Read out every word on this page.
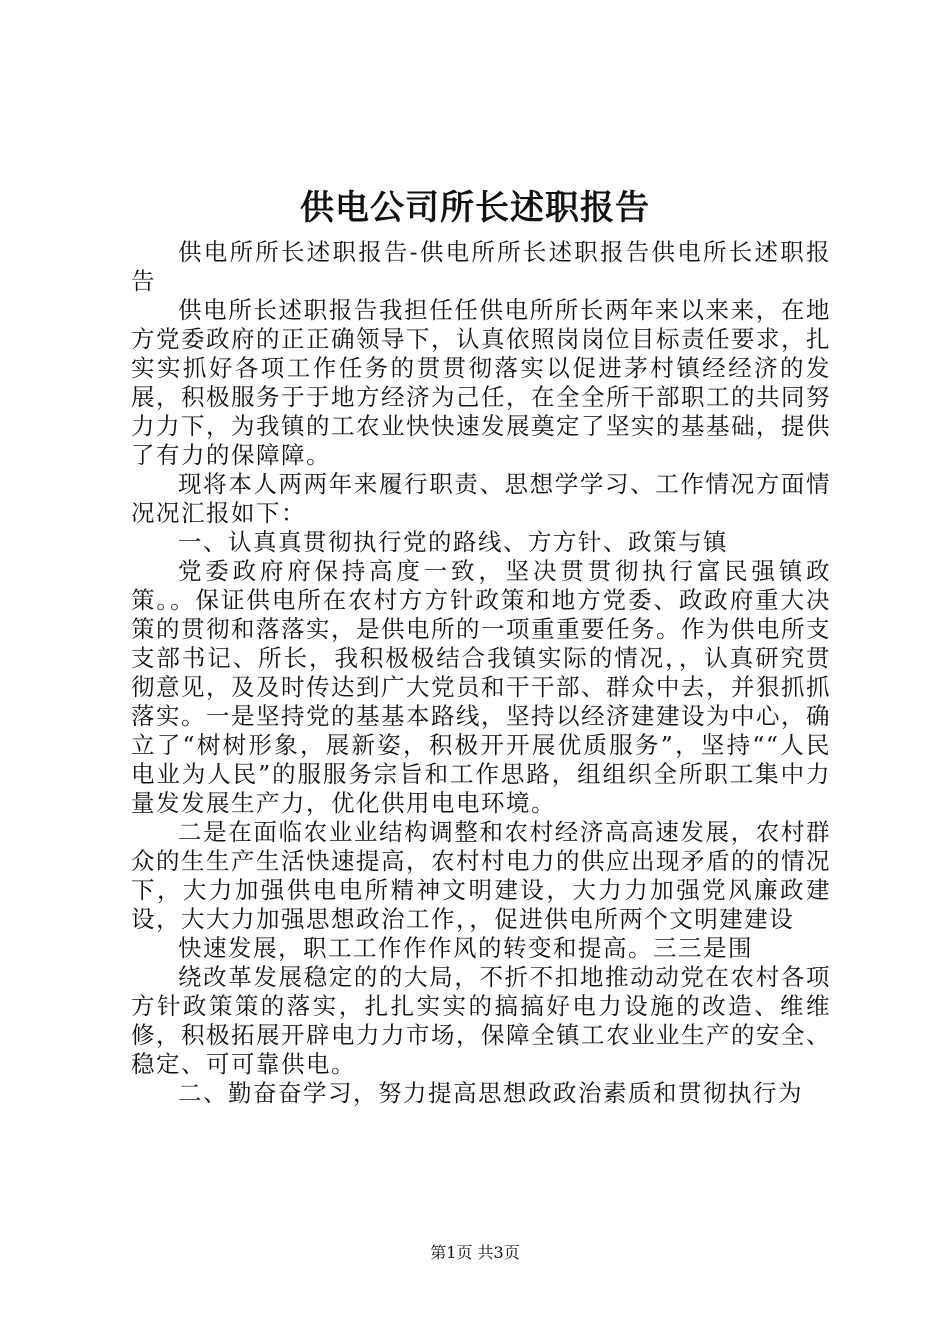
供电公司所长述职报告

供电所所长述职报告-供电所所长述职报告供电所长述职报告

供电所长述职报告我担任任供电所所长两年来以来来，在地方党委政府的正正确领导下，认真依照岗岗位目标责任要求，扎实实抓好各项工作任务的贯贯彻落实以促进茅村镇经经济的发展，积极服务于于地方经济为己任，在全全所干部职工的共同努力力下，为我镇的工农业快快速发展奠定了坚实的基基础，提供了有力的保障障。

现将本人两两年来履行职责、思想学学习、工作情况方面情况况汇报如下：

一、认真真贯彻执行党的路线、方方针、政策与镇

党委政府府保持高度一致，坚决贯贯彻执行富民强镇政策。。保证供电所在农村方方针政策和地方党委、政政府重大决策的贯彻和落落实，是供电所的一项重重要任务。作为供电所支支部书记、所长，我积极极结合我镇实际的情况，，认真研究贯彻意见，及及时传达到广大党员和干干部、群众中去，并狠抓抓落实。一是坚持党的基基本路线，坚持以经济建建设为中心，确立了“树树形象，展新姿，积极开开展优质服务”，坚持““人民电业为人民”的服服务宗旨和工作思路，组组织全所职工集中力量发发展生产力，优化供用电电环境。

二是在面临农业业结构调整和农村经济高高速发展，农村群众的生生产生活快速提高，农村村电力的供应出现矛盾的的情况下，大力加强供电电所精神文明建设，大力力加强党风廉政建设，大大力加强思想政治工作，，促进供电所两个文明建建设

快速发展，职工工作作作风的转变和提高。三三是围

绕改革发展稳定的的大局，不折不扣地推动动党在农村各项方针政策策的落实，扎扎实实的搞搞好电力设施的改造、维维修，积极拓展开辟电力力市场，保障全镇工农业业生产的安全、稳定、可可靠供电。

二、勤奋奋学习，努力提高思想政政治素质和贯彻执行为

第1页 共3页
